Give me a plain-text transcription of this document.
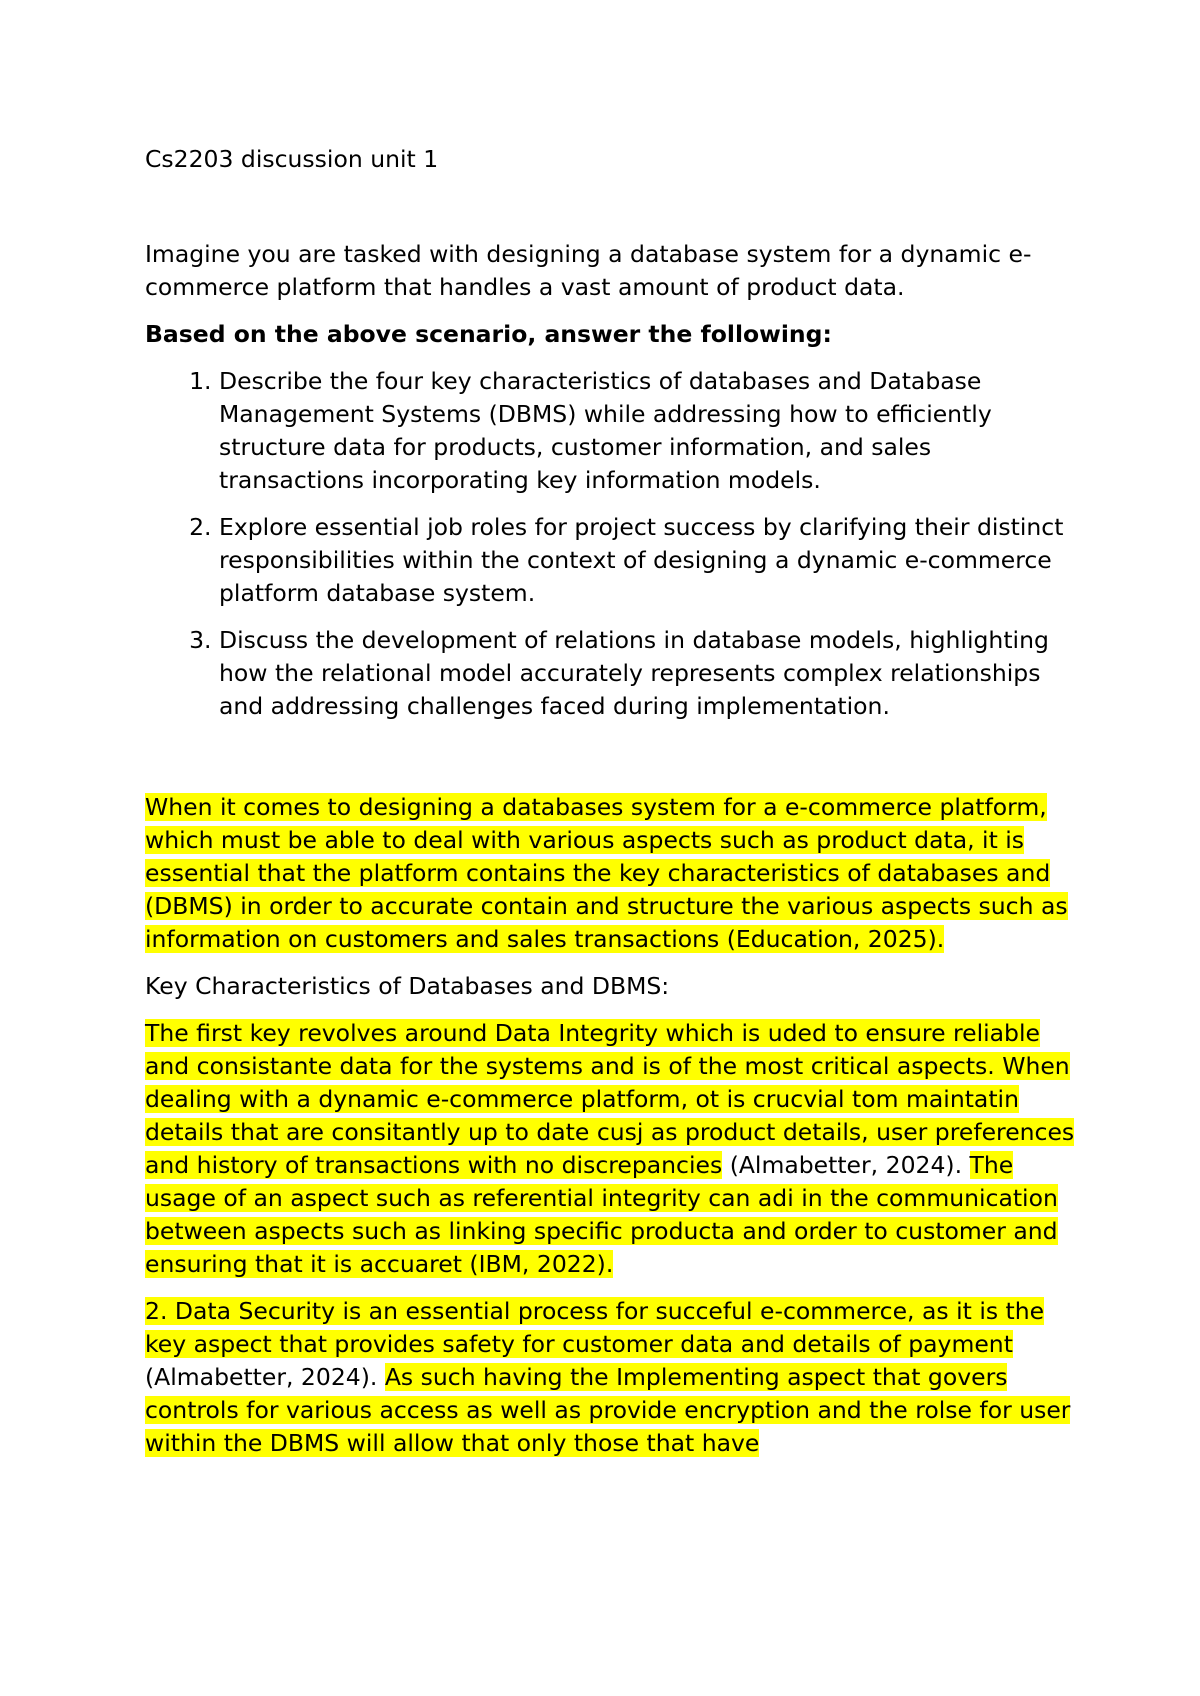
Cs2203 discussion unit 1

Imagine you are tasked with designing a database system for a dynamic e-commerce platform that handles a vast amount of product data.

Based on the above scenario, answer the following:

1. Describe the four key characteristics of databases and Database Management Systems (DBMS) while addressing how to efficiently structure data for products, customer information, and sales transactions incorporating key information models.
2. Explore essential job roles for project success by clarifying their distinct responsibilities within the context of designing a dynamic e-commerce platform database system.
3. Discuss the development of relations in database models, highlighting how the relational model accurately represents complex relationships and addressing challenges faced during implementation.

When it comes to designing a databases system for a e-commerce platform, which must be able to deal with various aspects such as product data, it is essential that the platform contains the key characteristics of databases and (DBMS) in order to accurate contain and structure the various aspects such as information on customers and sales transactions (Education, 2025).

Key Characteristics of Databases and DBMS:

The first key revolves around Data Integrity which is uded to ensure reliable and consistante data for the systems and is of the most critical aspects. When dealing with a dynamic e-commerce platform, ot is crucvial tom maintatin details that are consitantly up to date cusj as product details, user preferences and history of transactions with no discrepancies (Almabetter, 2024). The usage of an aspect such as referential integrity can adi in the communication between aspects such as linking specific producta and order to customer and ensuring that it is accuaret (IBM, 2022).

2. Data Security is an essential process for succeful e-commerce, as it is the key aspect that provides safety for customer data and details of payment (Almabetter, 2024). As such having the Implementing aspect that govers controls for various access as well as provide encryption and the rolse for user within the DBMS will allow that only those that have
